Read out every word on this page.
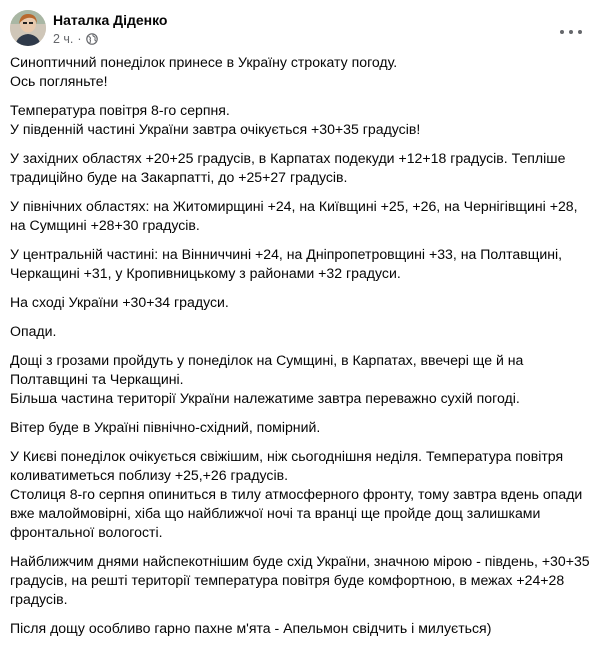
Наталка Діденко
2 ч. ·

Синоптичний понеділок принесе в Україну строкату погоду.
Ось погляньте!

Температура повітря 8-го серпня.
У південній частині України завтра очікується +30+35 градусів!

У західних областях +20+25 градусів, в Карпатах подекуди +12+18 градусів. Тепліше традиційно буде на Закарпатті, до +25+27 градусів.

У північних областях: на Житомирщині +24, на Київщині +25, +26, на Чернігівщині +28, на Сумщині +28+30 градусів.

У центральній частині: на Вінниччині +24, на Дніпропетровщині +33, на Полтавщині, Черкащині +31, у Кропивницькому з районами +32 градуси.

На сході України +30+34 градуси.

Опади.

Дощі з грозами пройдуть у понеділок на Сумщині, в Карпатах, ввечері ще й на Полтавщині та Черкащині.
Більша частина території України належатиме завтра переважно сухій погоді.

Вітер буде в Україні північно-східний, помірний.

У Києві понеділок очікується свіжішим, ніж сьогоднішня неділя. Температура повітря коливатиметься поблизу +25,+26 градусів.
Столиця 8-го серпня опиниться в тилу атмосферного фронту, тому завтра вдень опади вже малоймовірні, хіба що найближчої ночі та вранці ще пройде дощ залишками фронтальної вологості.

Найближчим днями найспекотнішим буде схід України, значною мірою - південь, +30+35 градусів, на решті території температура повітря буде комфортною, в межах +24+28 градусів.

Після дощу особливо гарно пахне м'ята - Апельмон свідчить і милується)
